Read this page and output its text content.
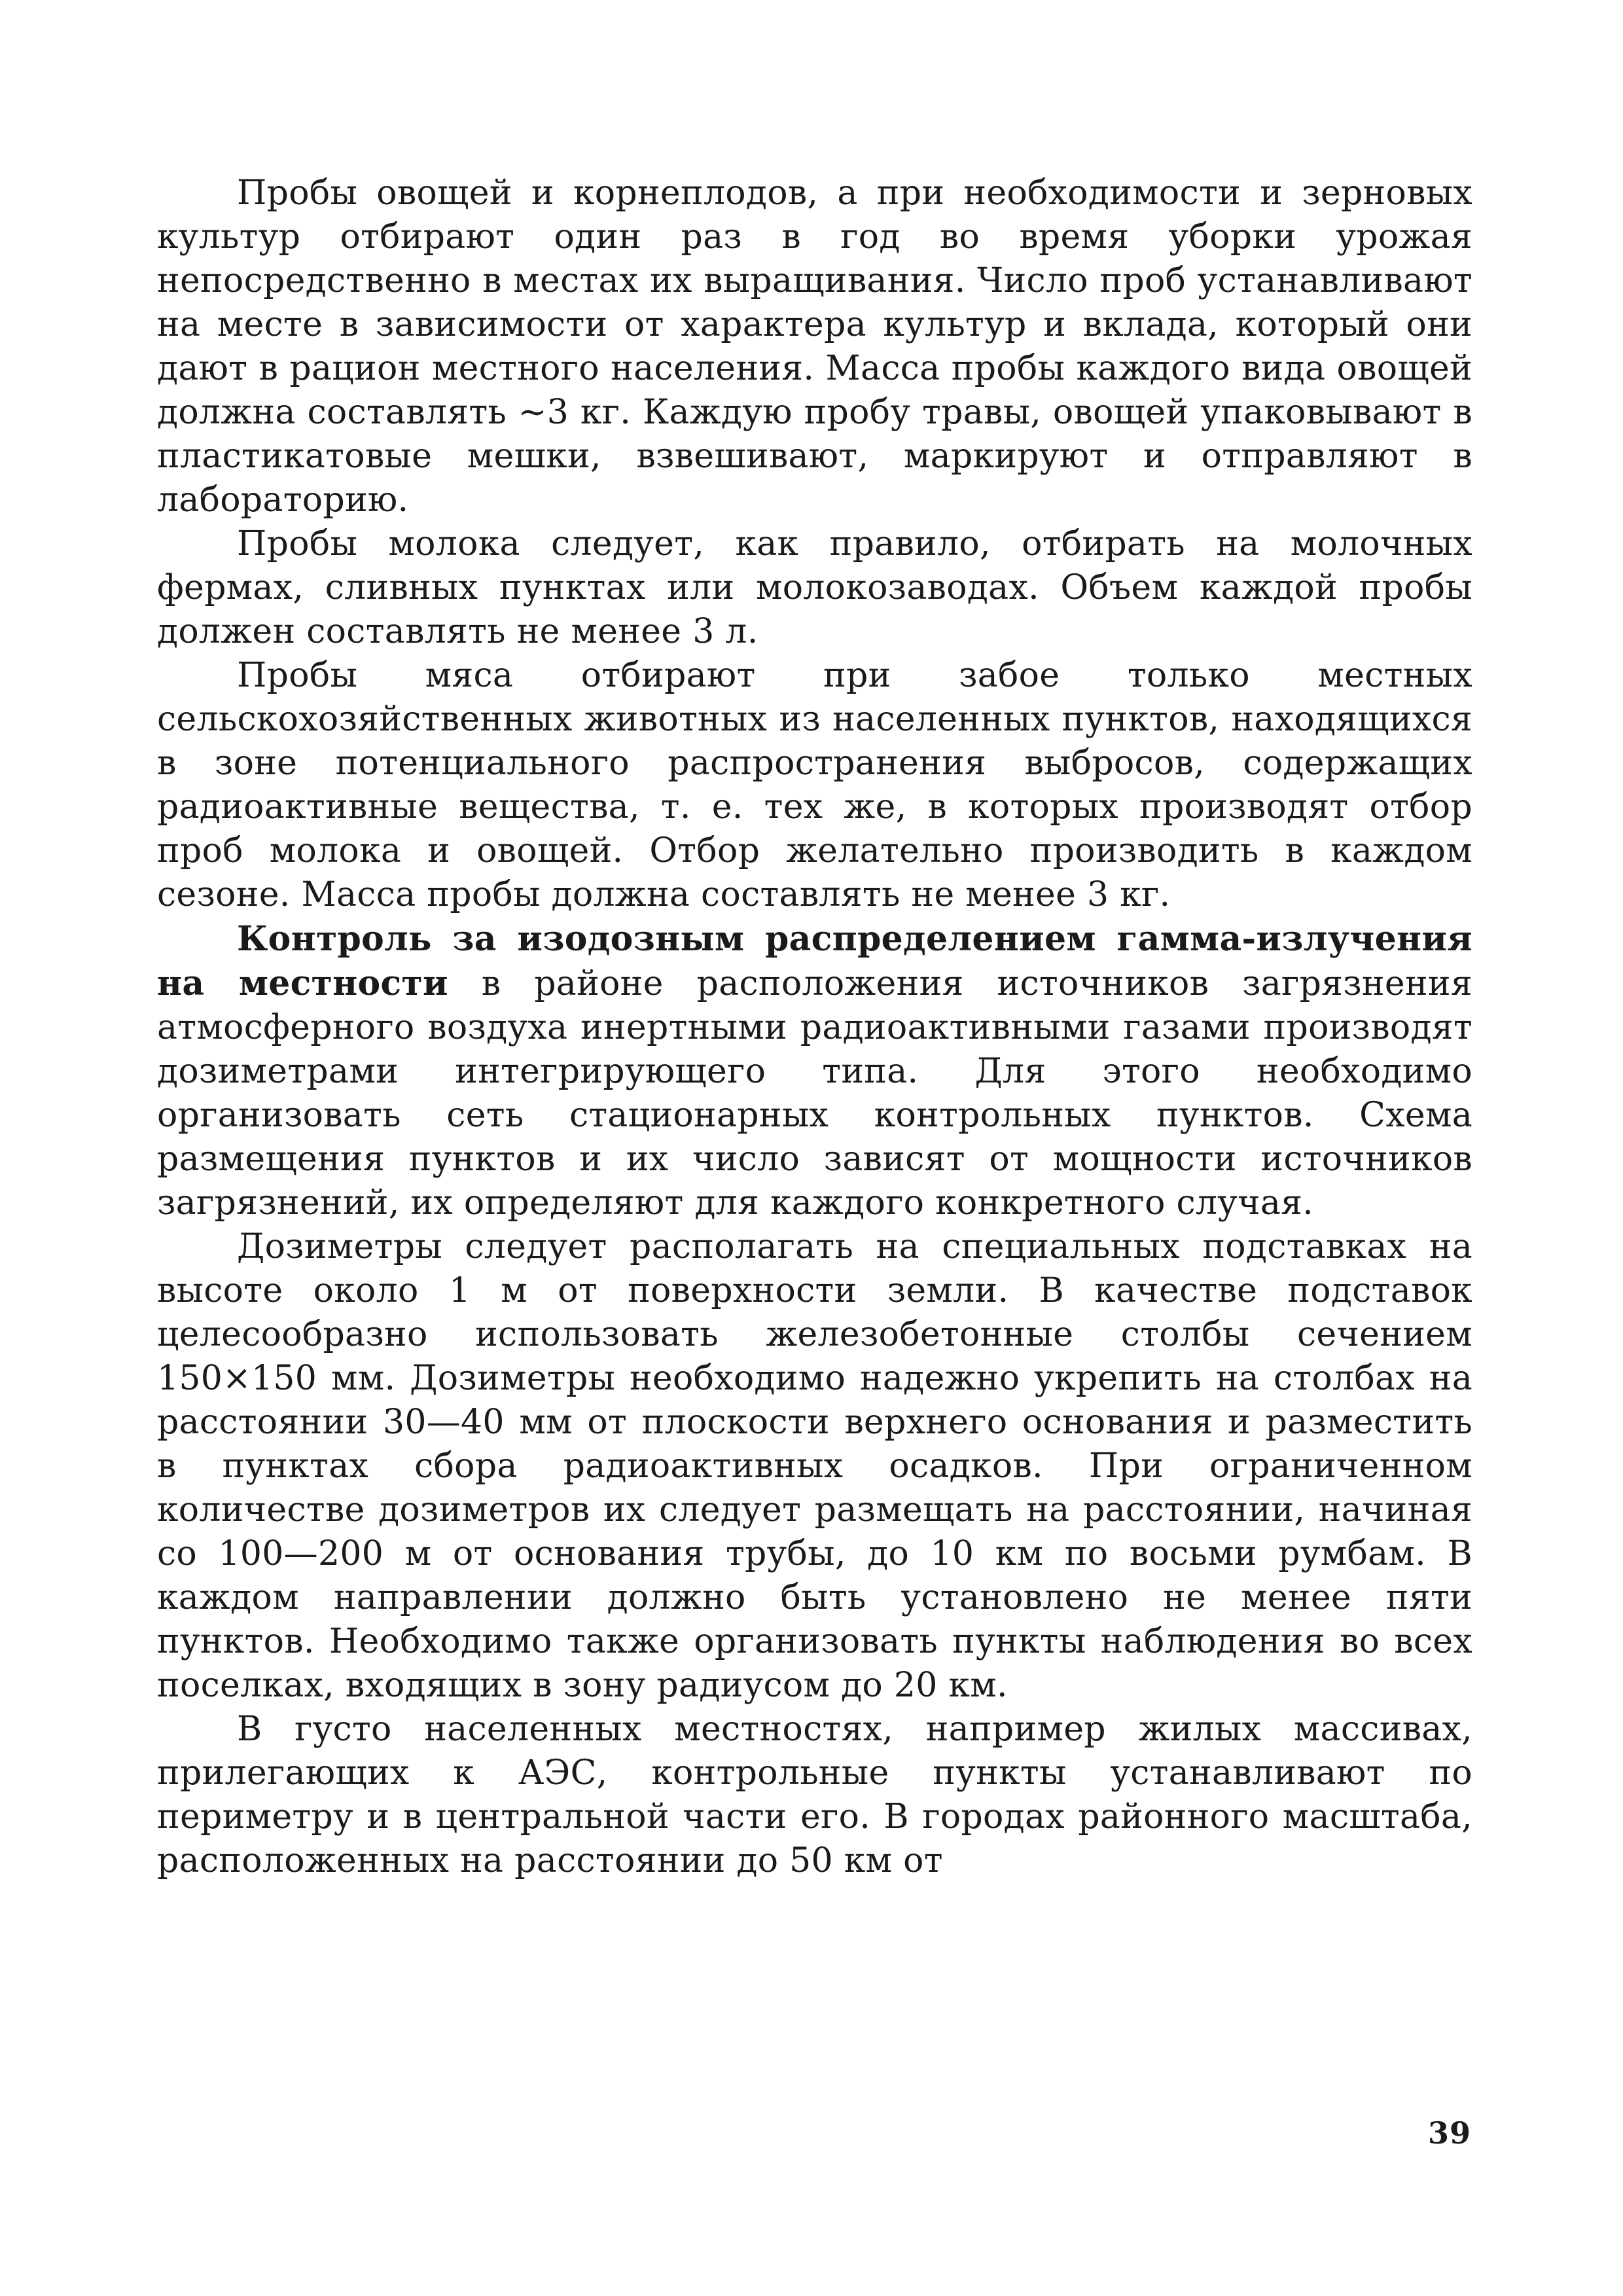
Пробы овощей и корнеплодов, а при необходимости и зерновых культур отбирают один раз в год во время уборки урожая непосредственно в местах их выращивания. Число проб устанавливают на месте в зависимости от характера культур и вклада, который они дают в рацион местного населения. Масса пробы каждого вида овощей должна составлять ~3 кг. Каждую пробу травы, овощей упаковывают в пластикатовые мешки, взвешивают, маркируют и отправляют в лабораторию.

Пробы молока следует, как правило, отбирать на молочных фермах, сливных пунктах или молокозаводах. Объем каждой пробы должен составлять не менее 3 л.

Пробы мяса отбирают при забое только местных сельскохозяйственных животных из населенных пунктов, находящихся в зоне потенциального распространения выбросов, содержащих радиоактивные вещества, т. е. тех же, в которых производят отбор проб молока и овощей. Отбор желательно производить в каждом сезоне. Масса пробы должна составлять не менее 3 кг.

Контроль за изодозным распределением гамма-излучения на местности в районе расположения источников загрязнения атмосферного воздуха инертными радиоактивными газами производят дозиметрами интегрирующего типа. Для этого необходимо организовать сеть стационарных контрольных пунктов. Схема размещения пунктов и их число зависят от мощности источников загрязнений, их определяют для каждого конкретного случая.

Дозиметры следует располагать на специальных подставках на высоте около 1 м от поверхности земли. В качестве подставок целесообразно использовать железобетонные столбы сечением 150×150 мм. Дозиметры необходимо надежно укрепить на столбах на расстоянии 30—40 мм от плоскости верхнего основания и разместить в пунктах сбора радиоактивных осадков. При ограниченном количестве дозиметров их следует размещать на расстоянии, начиная со 100—200 м от основания трубы, до 10 км по восьми румбам. В каждом направлении должно быть установлено не менее пяти пунктов. Необходимо также организовать пункты наблюдения во всех поселках, входящих в зону радиусом до 20 км.

В густо населенных местностях, например жилых массивах, прилегающих к АЭС, контрольные пункты устанавливают по периметру и в центральной части его. В городах районного масштаба, расположенных на расстоянии до 50 км от

39
